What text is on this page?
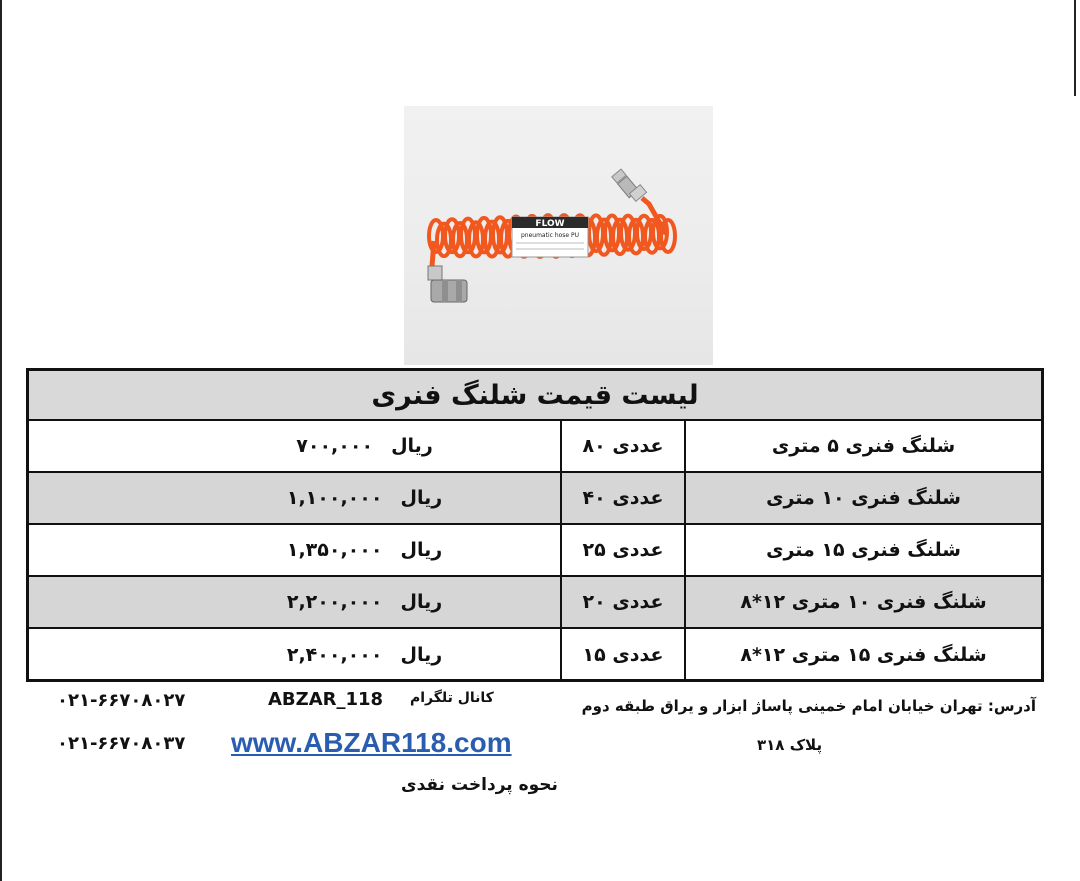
FLOW
pneumatic hose PU
لیست قیمت شلنگ فنری
شلنگ فنری ۵ متری
عددی ۸۰
ریال
۷۰۰,۰۰۰
شلنگ فنری ۱۰ متری
عددی ۴۰
ریال
۱,۱۰۰,۰۰۰
شلنگ فنری ۱۵ متری
عددی ۲۵
ریال
۱,۳۵۰,۰۰۰
شلنگ فنری ۱۰ متری ۱۲*۸
عددی ۲۰
ریال
۲,۲۰۰,۰۰۰
شلنگ فنری ۱۵ متری ۱۲*۸
عددی ۱۵
ریال
۲,۴۰۰,۰۰۰
۰۲۱-۶۶۷۰۸۰۲۷
۰۲۱-۶۶۷۰۸۰۳۷
ABZAR_118 کانال تلگرام
www.ABZAR118.com
آدرس: تهران خیابان امام خمینی پاساژ ابزار و یراق طبقه دوم
پلاک ۳۱۸
نحوه پرداخت نقدی
